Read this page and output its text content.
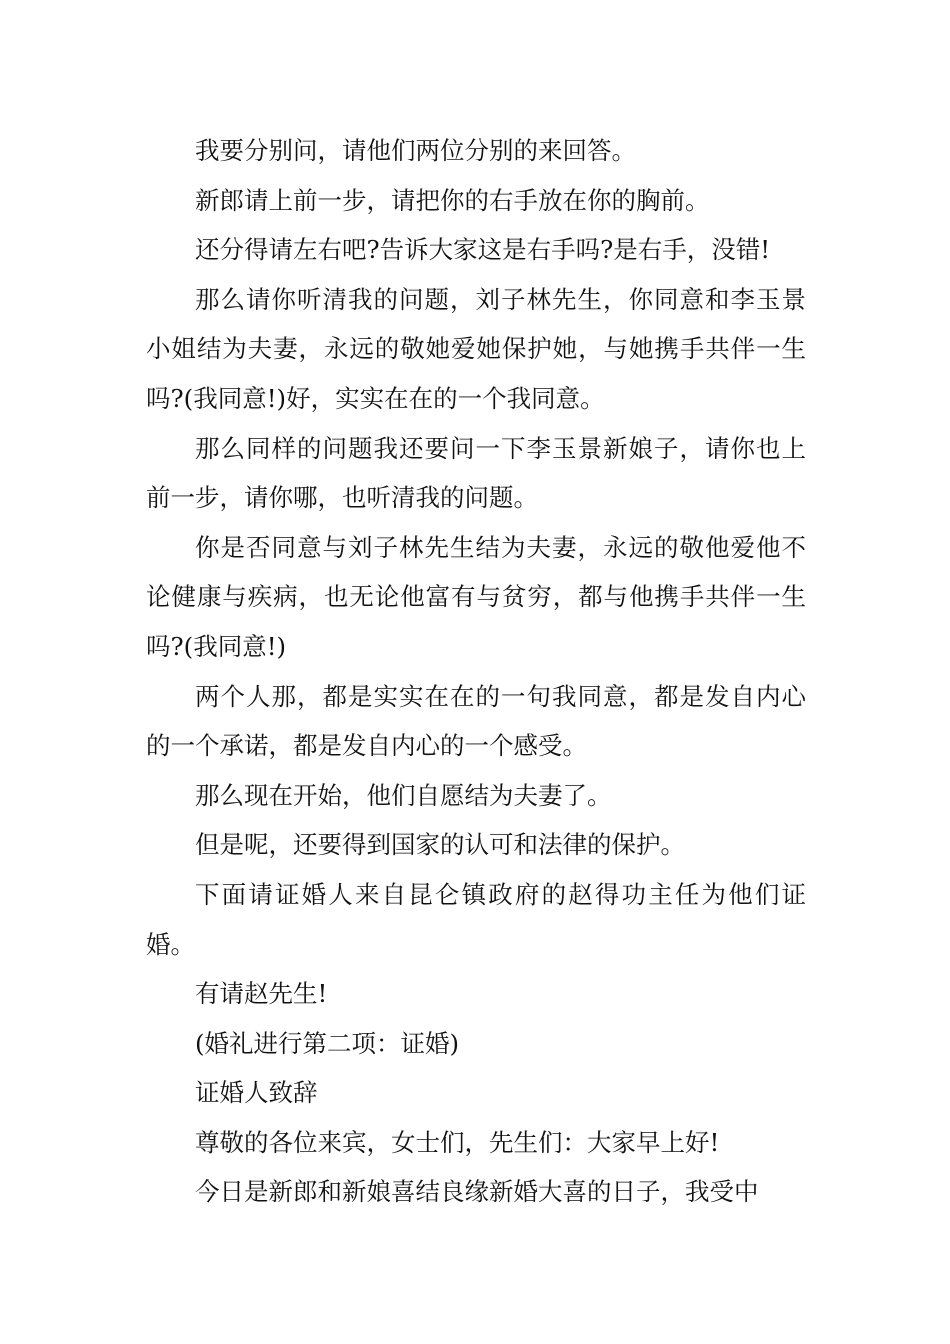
我要分别问，请他们两位分别的来回答。

新郎请上前一步，请把你的右手放在你的胸前。

还分得请左右吧?告诉大家这是右手吗?是右手，没错!

那么请你听清我的问题，刘子林先生，你同意和李玉景小姐结为夫妻，永远的敬她爱她保护她，与她携手共伴一生吗?(我同意!)好，实实在在的一个我同意。

那么同样的问题我还要问一下李玉景新娘子，请你也上前一步，请你哪，也听清我的问题。

你是否同意与刘子林先生结为夫妻，永远的敬他爱他不论健康与疾病，也无论他富有与贫穷，都与他携手共伴一生吗?(我同意!)

两个人那，都是实实在在的一句我同意，都是发自内心的一个承诺，都是发自内心的一个感受。

那么现在开始，他们自愿结为夫妻了。

但是呢，还要得到国家的认可和法律的保护。

下面请证婚人来自昆仑镇政府的赵得功主任为他们证婚。

有请赵先生!

(婚礼进行第二项：证婚)

证婚人致辞

尊敬的各位来宾，女士们，先生们：大家早上好!

今日是新郎和新娘喜结良缘新婚大喜的日子，我受中
